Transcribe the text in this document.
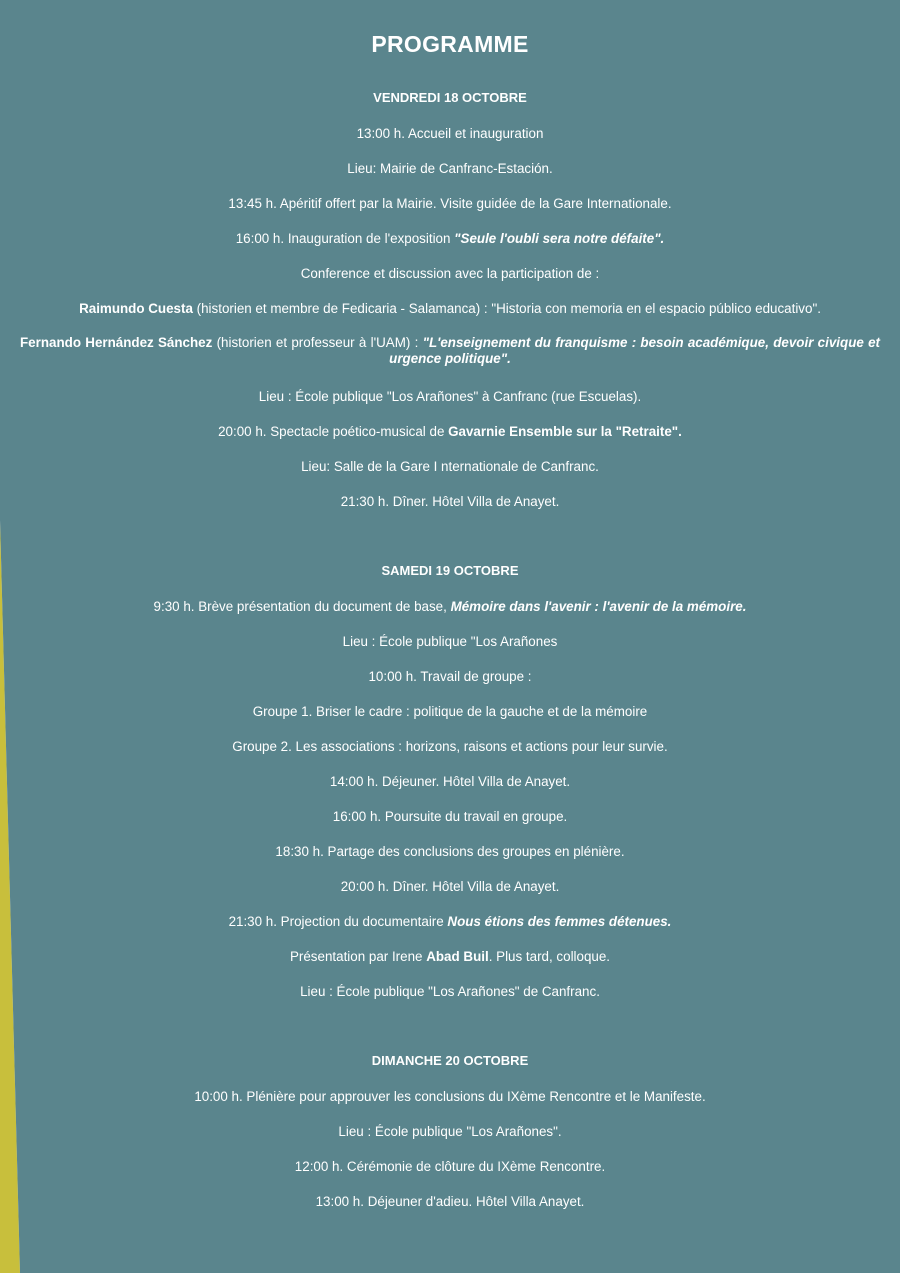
PROGRAMME
VENDREDI 18 OCTOBRE
13:00 h. Accueil et inauguration
Lieu: Mairie de Canfranc-Estación.
13:45 h. Apéritif offert par la Mairie. Visite guidée de la Gare Internationale.
16:00 h. Inauguration de l'exposition "Seule l'oubli sera notre défaite".
Conference et discussion avec la participation de :
Raimundo Cuesta (historien et membre de Fedicaria - Salamanca) : "Historia con memoria en el espacio público educativo".
Fernando Hernández Sánchez (historien et professeur à l'UAM) : "L'enseignement du franquisme : besoin académique, devoir civique et urgence politique".
Lieu : École publique "Los Arañones" à Canfranc (rue Escuelas).
20:00 h. Spectacle poético-musical de Gavarnie Ensemble sur la "Retraite".
Lieu: Salle de la Gare I nternationale de Canfranc.
21:30 h. Dîner. Hôtel Villa de Anayet.
SAMEDI 19 OCTOBRE
9:30 h. Brève présentation du document de base, Mémoire dans l'avenir : l'avenir de la mémoire.
Lieu : École publique "Los Arañones
10:00 h. Travail de groupe :
Groupe 1. Briser le cadre : politique de la gauche et de la mémoire
Groupe 2. Les associations : horizons, raisons et actions pour leur survie.
14:00 h. Déjeuner. Hôtel Villa de Anayet.
16:00 h. Poursuite du travail en groupe.
18:30 h. Partage des conclusions des groupes en plénière.
20:00 h. Dîner. Hôtel Villa de Anayet.
21:30 h. Projection du documentaire Nous étions des femmes détenues.
Présentation par Irene Abad Buil. Plus tard, colloque.
Lieu : École publique "Los Arañones" de Canfranc.
DIMANCHE 20 OCTOBRE
10:00 h. Plénière pour approuver les conclusions du IXème Rencontre et le Manifeste.
Lieu : École publique "Los Arañones".
12:00 h. Cérémonie de clôture du IXème Rencontre.
13:00 h. Déjeuner d'adieu. Hôtel Villa Anayet.
